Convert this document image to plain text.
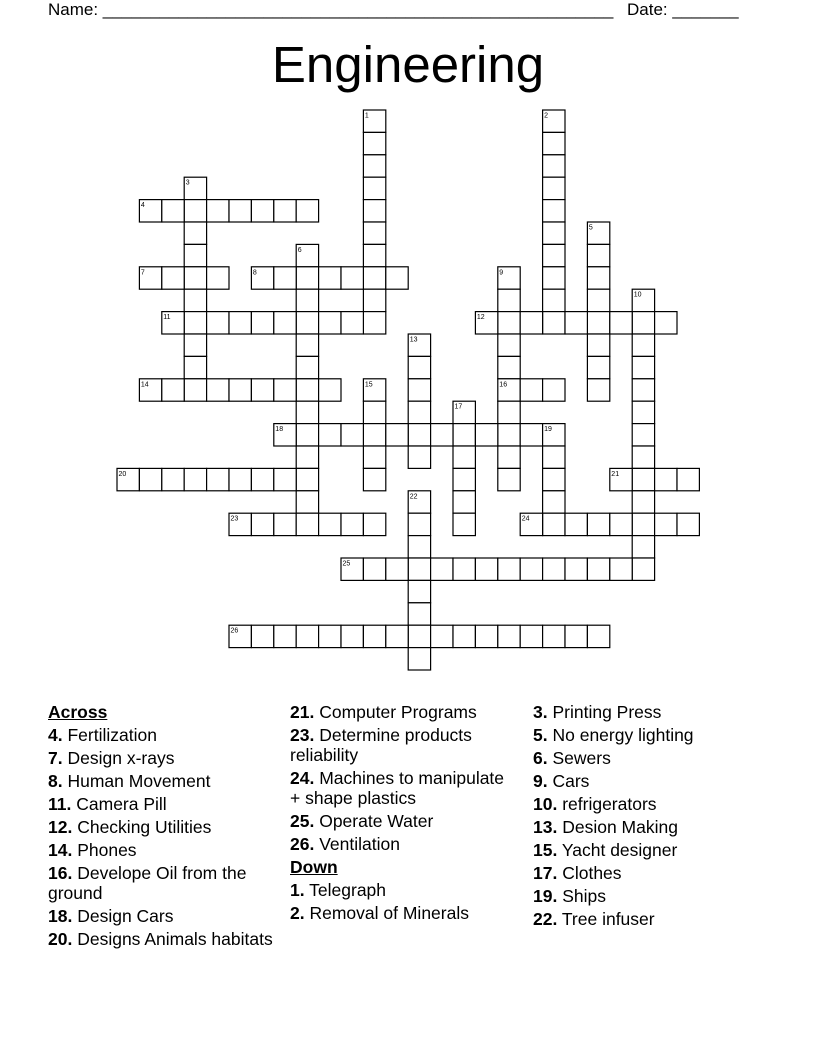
Name: ______________________________________________________ Date: _______
Engineering
1	2
3
4
5
6
7	8	9
10
11	12
13
14	15	16
17
18	19
20	21
22
23	24
25
26
Across
4. Fertilization
7. Design x-rays
8. Human Movement
11. Camera Pill
12. Checking Utilities
14. Phones
16. Develope Oil from the ground
18. Design Cars
20. Designs Animals habitats
21. Computer Programs
23. Determine products reliability
24. Machines to manipulate + shape plastics
25. Operate Water
26. Ventilation
Down
1. Telegraph
2. Removal of Minerals
3. Printing Press
5. No energy lighting
6. Sewers
9. Cars
10. refrigerators
13. Desion Making
15. Yacht designer
17. Clothes
19. Ships
22. Tree infuser
